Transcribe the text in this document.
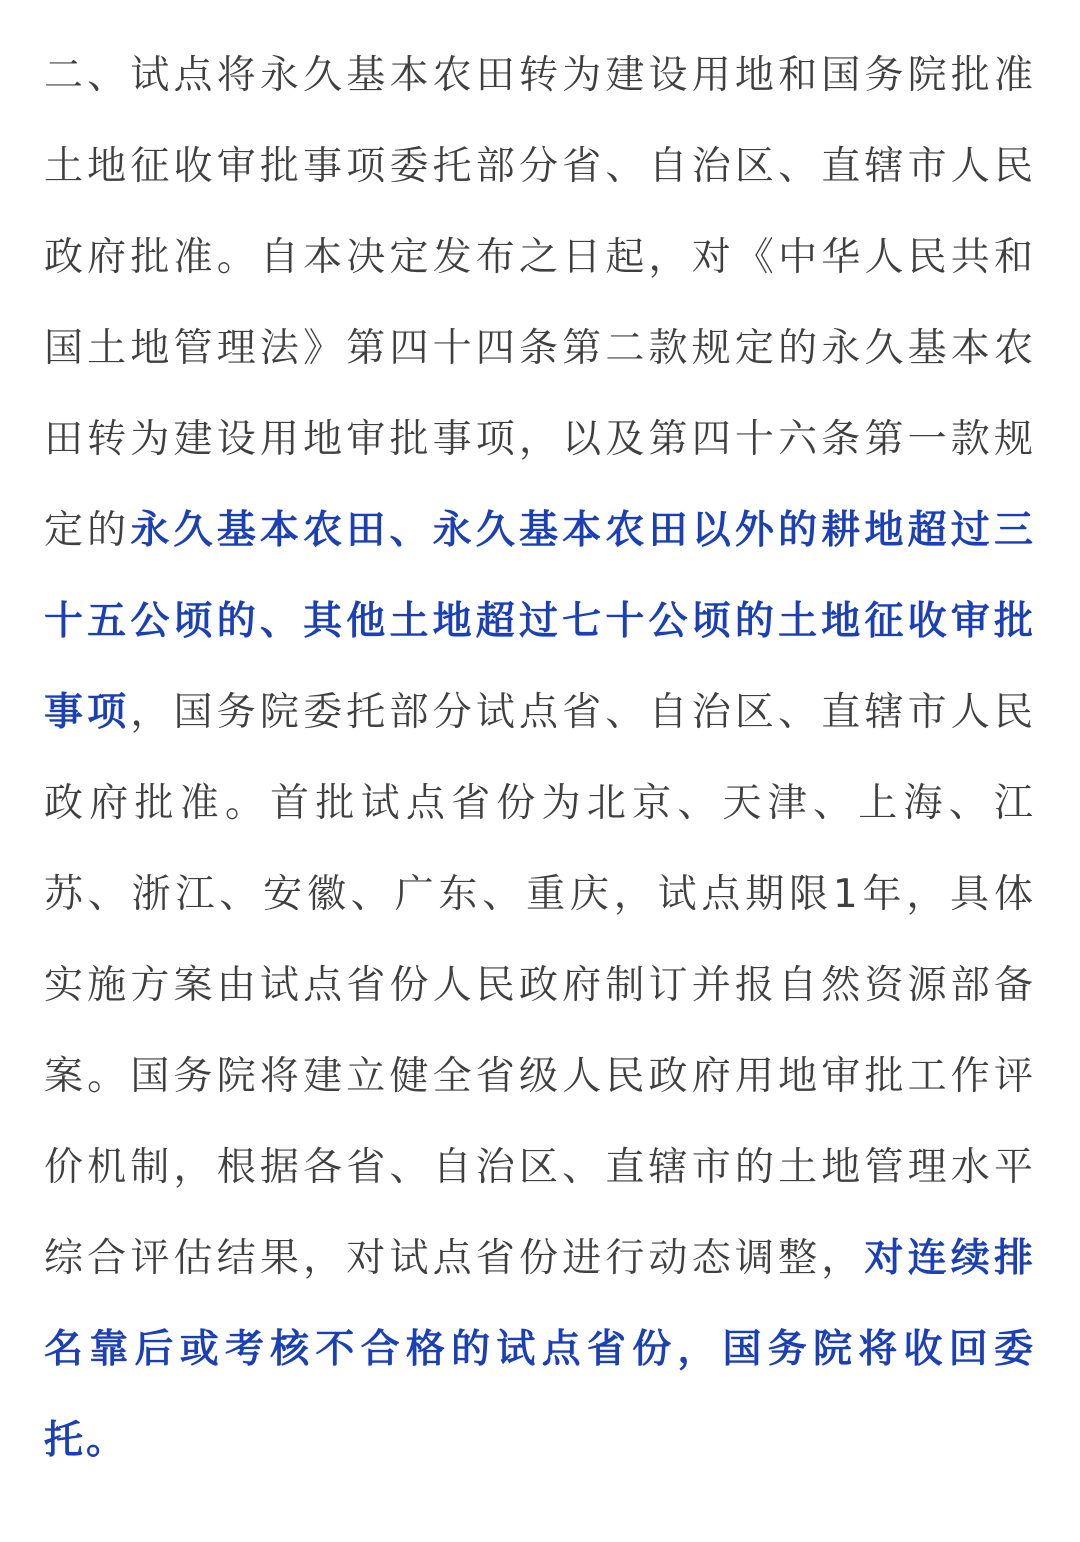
二、试点将永久基本农田转为建设用地和国务院批准土地征收审批事项委托部分省、自治区、直辖市人民政府批准。自本决定发布之日起，对《中华人民共和国土地管理法》第四十四条第二款规定的永久基本农田转为建设用地审批事项，以及第四十六条第一款规定的永久基本农田、永久基本农田以外的耕地超过三十五公顷的、其他土地超过七十公顷的土地征收审批事项，国务院委托部分试点省、自治区、直辖市人民政府批准。首批试点省份为北京、天津、上海、江苏、浙江、安徽、广东、重庆，试点期限1年，具体实施方案由试点省份人民政府制订并报自然资源部备案。国务院将建立健全省级人民政府用地审批工作评价机制，根据各省、自治区、直辖市的土地管理水平综合评估结果，对试点省份进行动态调整，对连续排名靠后或考核不合格的试点省份，国务院将收回委托。
